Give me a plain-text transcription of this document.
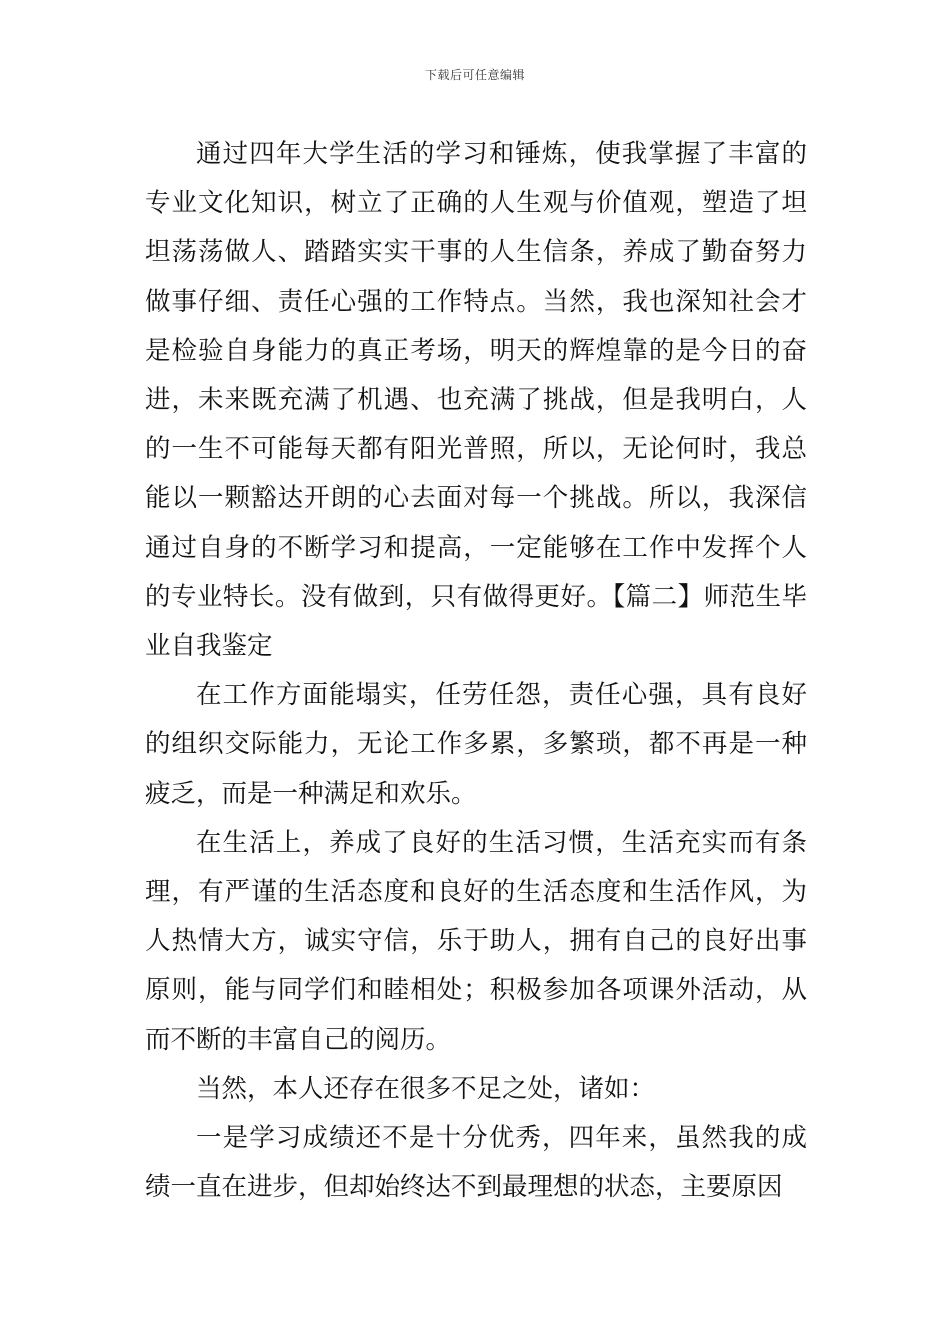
下载后可任意编辑

通过四年大学生活的学习和锤炼，使我掌握了丰富的专业文化知识，树立了正确的人生观与价值观，塑造了坦坦荡荡做人、踏踏实实干事的人生信条，养成了勤奋努力做事仔细、责任心强的工作特点。当然，我也深知社会才是检验自身能力的真正考场，明天的辉煌靠的是今日的奋进，未来既充满了机遇、也充满了挑战，但是我明白，人的一生不可能每天都有阳光普照，所以，无论何时，我总能以一颗豁达开朗的心去面对每一个挑战。所以，我深信通过自身的不断学习和提高，一定能够在工作中发挥个人的专业特长。没有做到，只有做得更好。【篇二】师范生毕业自我鉴定

在工作方面能塌实，任劳任怨，责任心强，具有良好的组织交际能力，无论工作多累，多繁琐，都不再是一种疲乏，而是一种满足和欢乐。

在生活上，养成了良好的生活习惯，生活充实而有条理，有严谨的生活态度和良好的生活态度和生活作风，为人热情大方，诚实守信，乐于助人，拥有自己的良好出事原则，能与同学们和睦相处；积极参加各项课外活动，从而不断的丰富自己的阅历。

当然，本人还存在很多不足之处，诸如：

一是学习成绩还不是十分优秀，四年来，虽然我的成绩一直在进步，但却始终达不到最理想的状态，主要原因
